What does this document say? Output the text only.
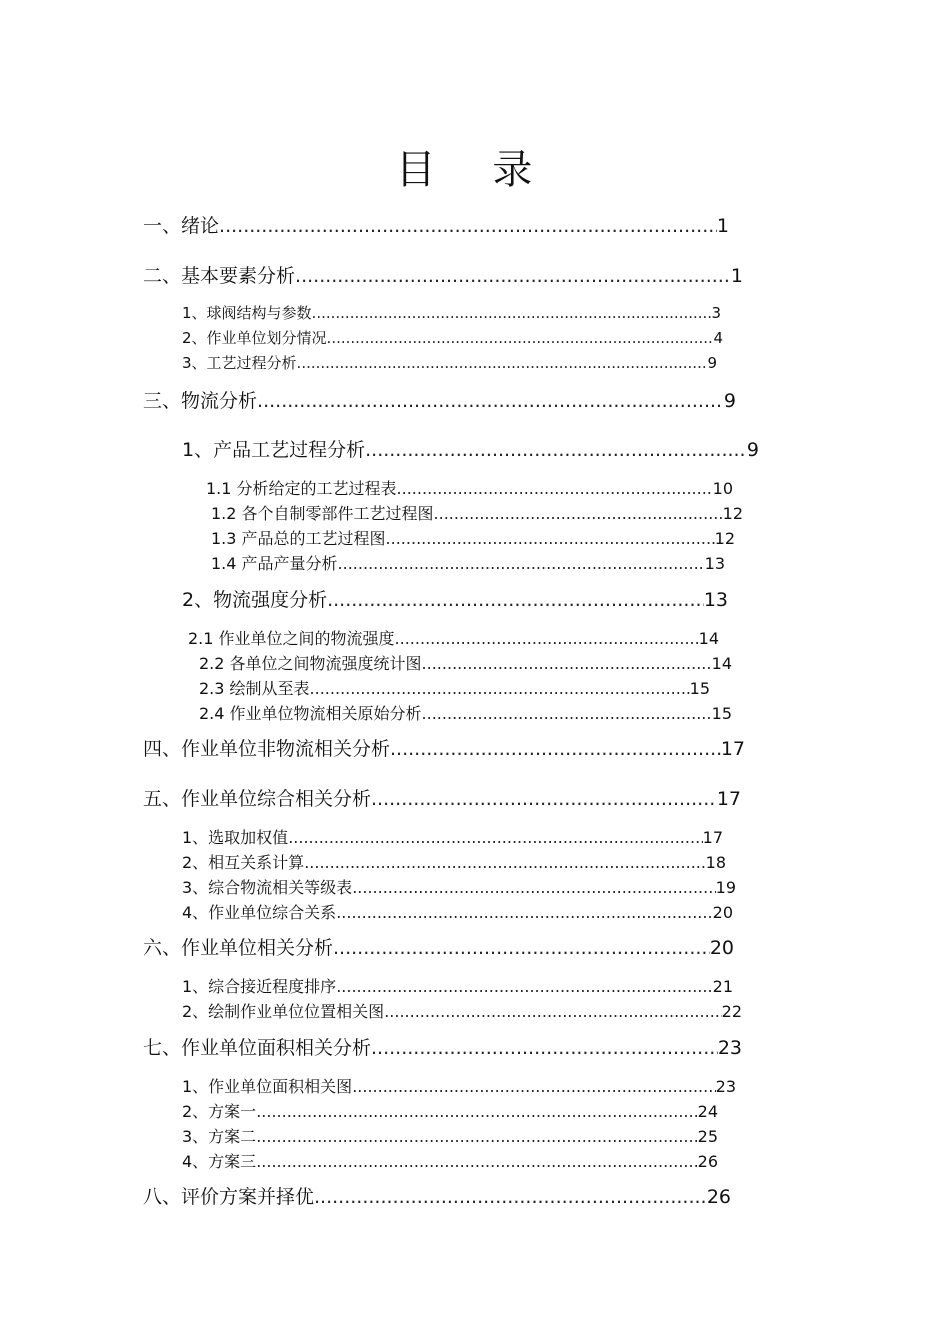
目 录
一、 绪论 .....	1
二、 基本要素分析 .....	1
1、球阀结构与参数 .....	3
2、作业单位划分情况 .....	4
3、工艺过程分析 .....	9
三、 物流分析 .....	9
1、 产品工艺过程分析 .....	9
1.1 分析给定的工艺过程表 .....	10
1.2 各个自制零部件工艺过程图 .....	12
1.3 产品总的工艺过程图 .....	12
1.4 产品产量分析 .....	13
2、物流强度分析 .....	13
2.1 作业单位之间的物流强度 .....	14
2.2 各单位之间物流强度统计图 .....	14
2.3 绘制从至表 .....	15
2.4 作业单位物流相关原始分析 .....	15
四、作业单位非物流相关分析 .....	17
五、作业单位综合相关分析 .....	17
1、选取加权值 .....	17
2、相互关系计算 .....	18
3、综合物流相关等级表 .....	19
4、作业单位综合关系 .....	20
六、作业单位相关分析 .....	20
1、综合接近程度排序 .....	21
2、绘制作业单位位置相关图 .....	22
七、作业单位面积相关分析 .....	23
1、作业单位面积相关图 .....	23
2、方案一 .....	24
3、方案二 .....	25
4、方案三 .....	26
八、评价方案并择优 .....	26
